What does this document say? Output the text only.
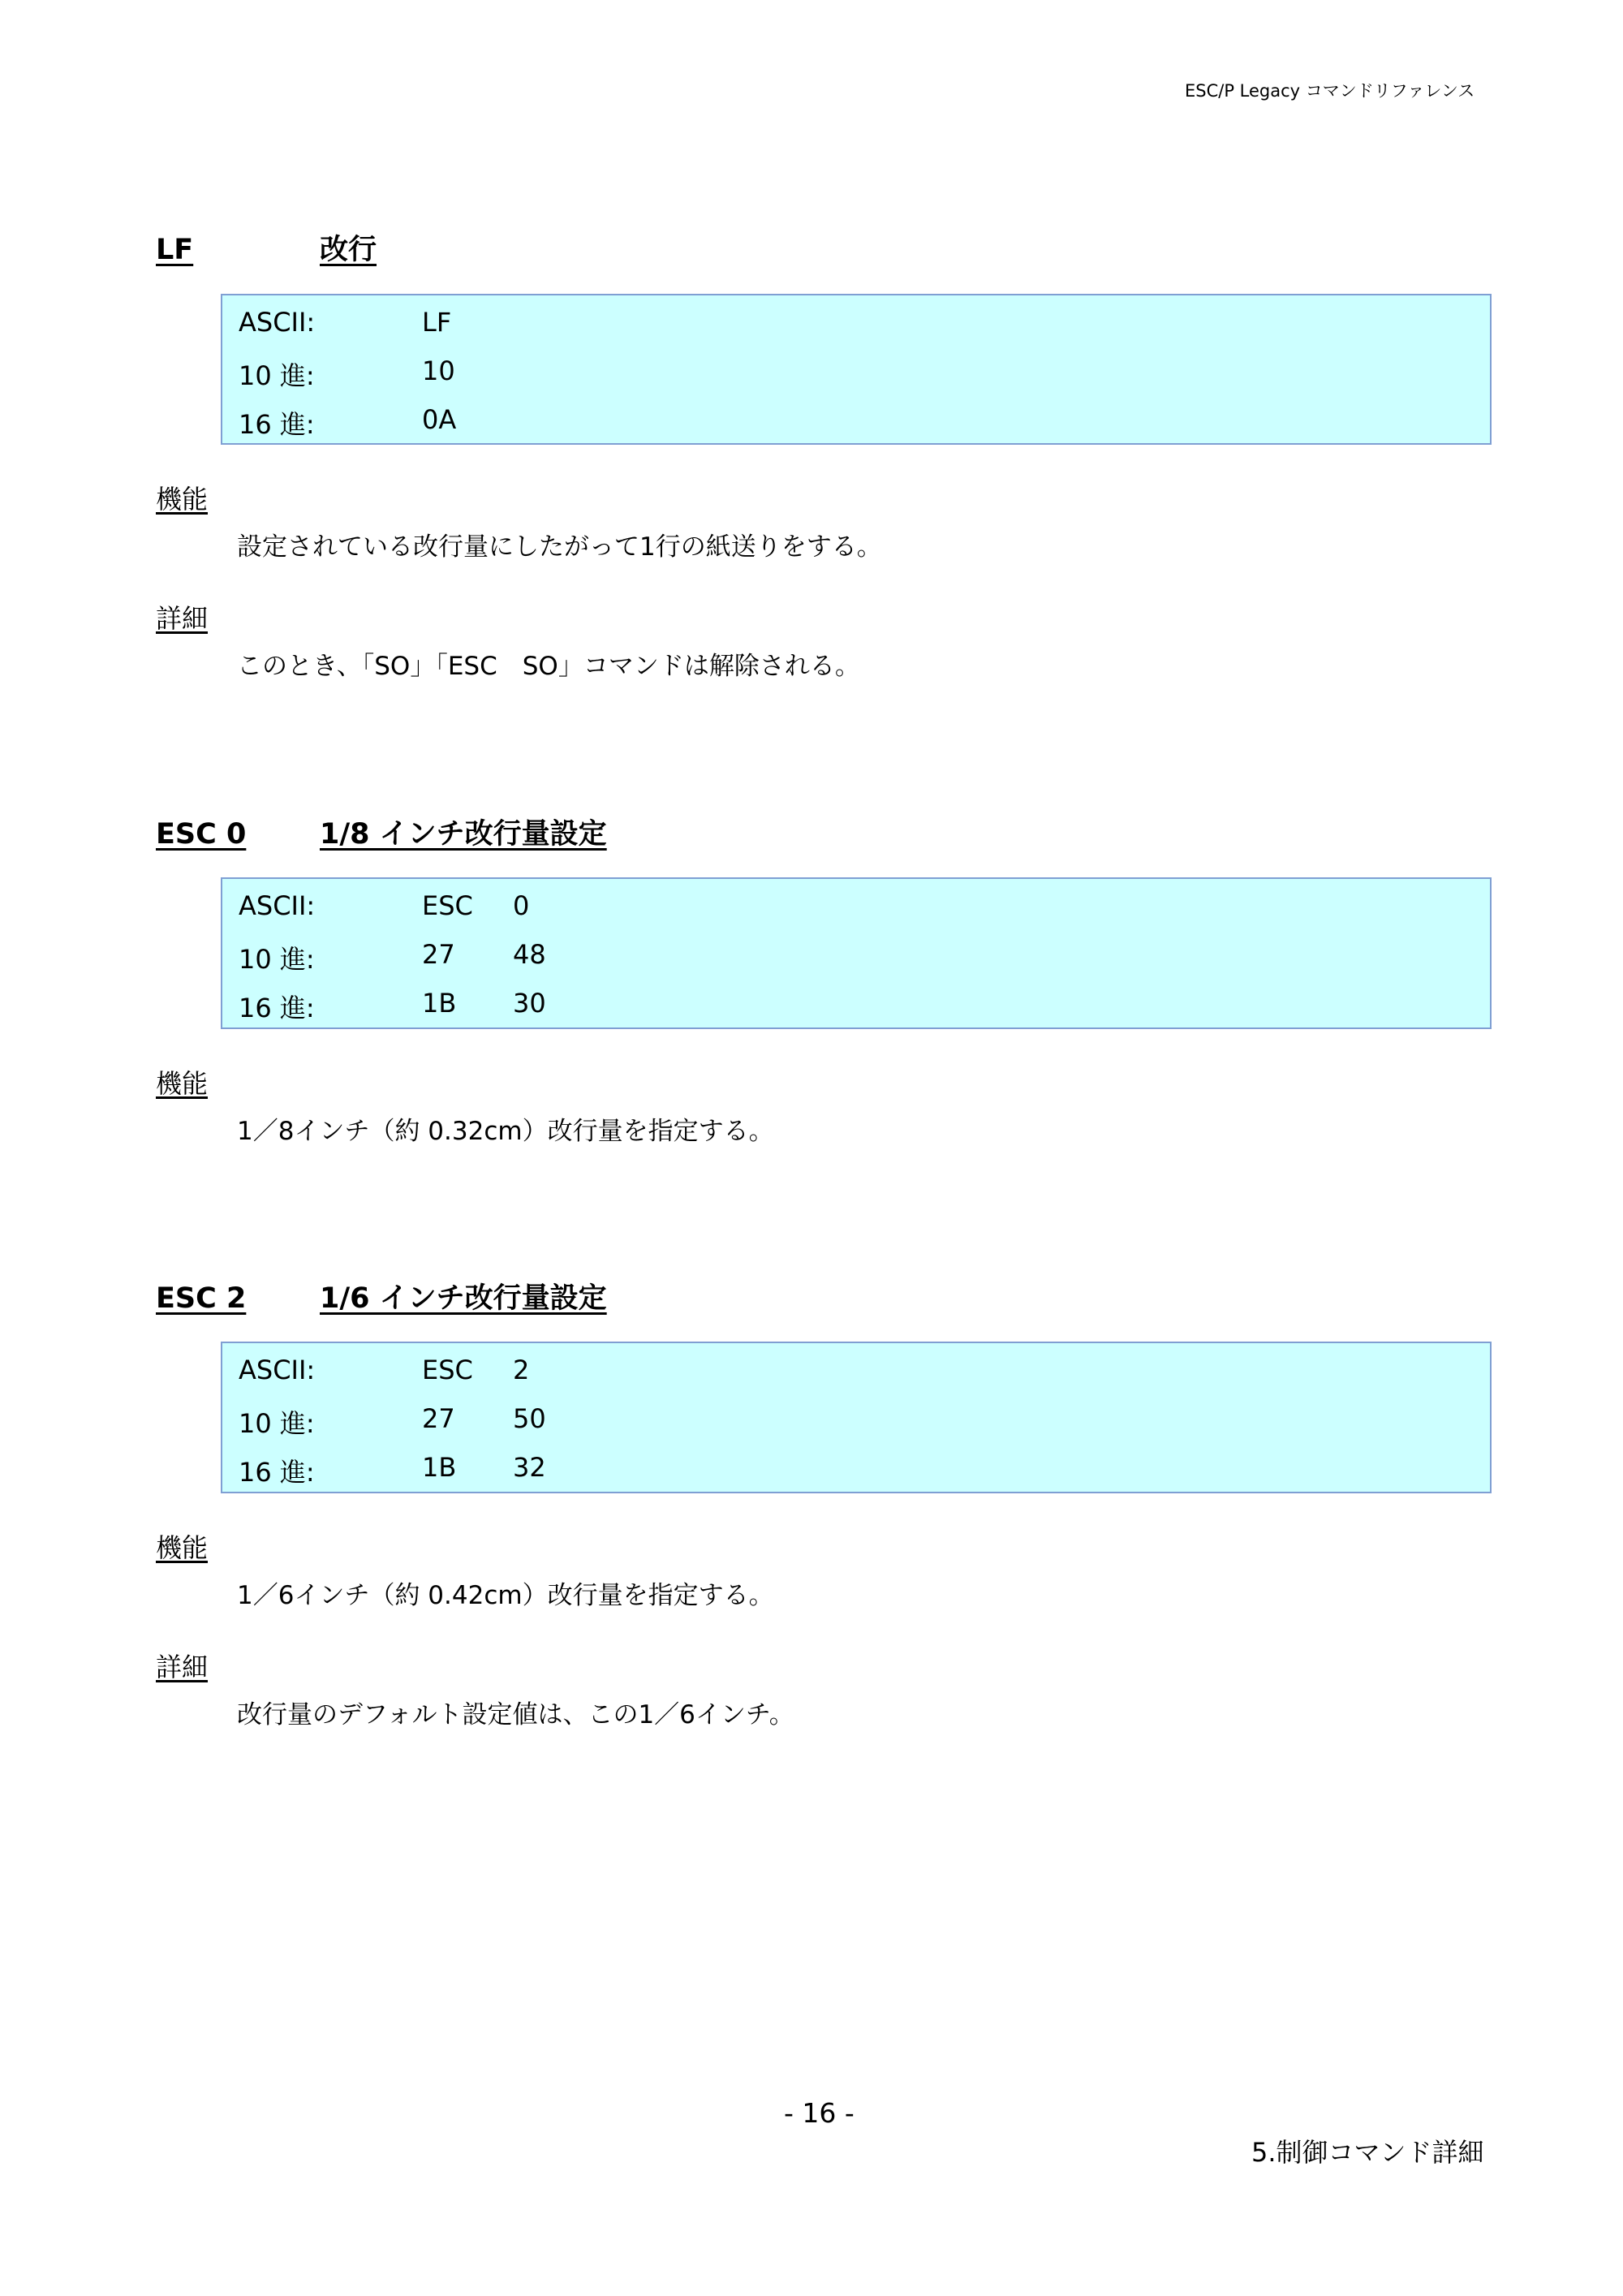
ESC/P Legacy コマンドリファレンス
LF	改行
ASCII:	LF
10 進:	10
16 進:	0A
機能
設定されている改行量にしたがって1行の紙送りをする。
詳細
このとき、「SO」「ESC　SO」コマンドは解除される。
ESC 0	1/8 インチ改行量設定
ASCII:	ESC 0
10 進:	27 48
16 進:	1B 30
機能
1／8インチ（約 0.32cm）改行量を指定する。
ESC 2	1/6 インチ改行量設定
ASCII:	ESC 2
10 進:	27 50
16 進:	1B 32
機能
1／6インチ（約 0.42cm）改行量を指定する。
詳細
改行量のデフォルト設定値は、この1／6インチ。
- 16 -
5.制御コマンド詳細
